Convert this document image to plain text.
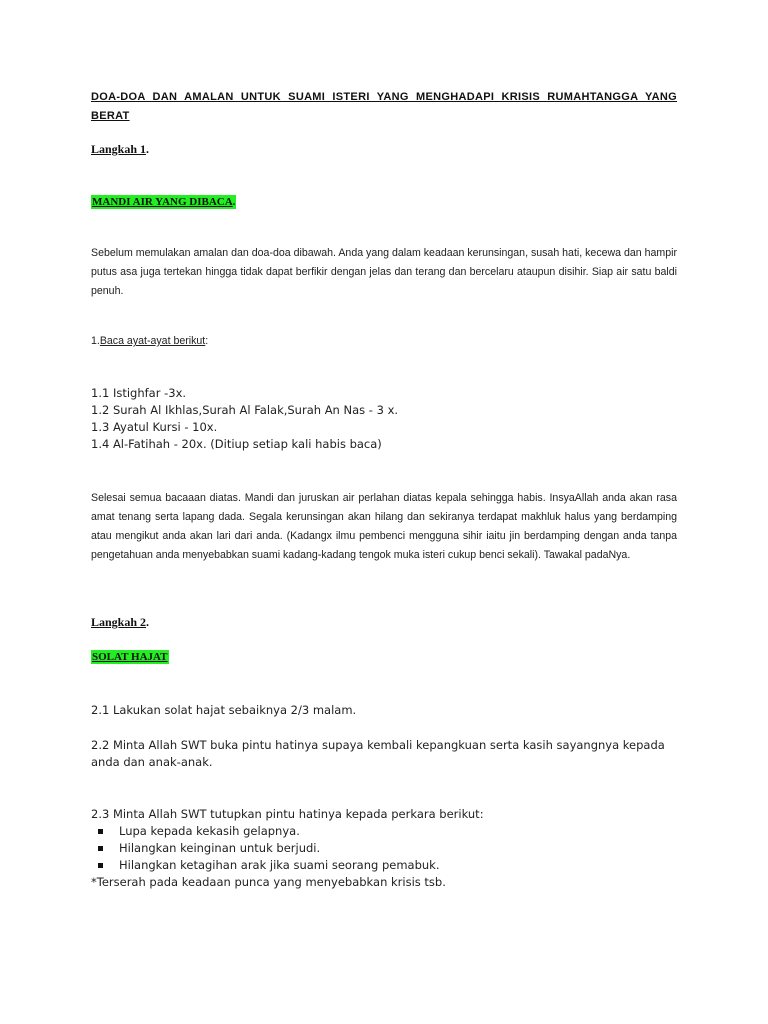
DOA-DOA DAN AMALAN UNTUK SUAMI ISTERI YANG MENGHADAPI KRISIS RUMAHTANGGA YANG BERAT
Langkah 1.
MANDI AIR YANG DIBACA.

Sebelum memulakan amalan dan doa-doa dibawah. Anda yang dalam keadaan kerunsingan, susah hati, kecewa dan hampir putus asa juga tertekan hingga tidak dapat berfikir dengan jelas dan terang dan bercelaru ataupun disihir. Siap air satu baldi penuh.

1.Baca ayat-ayat berikut:

1.1 Istighfar -3x.

1.2 Surah Al Ikhlas,Surah Al Falak,Surah An Nas - 3 x.

1.3 Ayatul Kursi - 10x.

1.4 Al-Fatihah - 20x. (Ditiup setiap kali habis baca)

Selesai semua bacaaan diatas. Mandi dan juruskan air perlahan diatas kepala sehingga habis. InsyaAllah anda akan rasa amat tenang serta lapang dada. Segala kerunsingan akan hilang dan sekiranya terdapat makhluk halus yang berdamping atau mengikut anda akan lari dari anda. (Kadangx ilmu pembenci mengguna sihir iaitu jin berdamping dengan anda tanpa pengetahuan anda menyebabkan suami kadang-kadang tengok muka isteri cukup benci sekali). Tawakal padaNya.

Langkah 2.
SOLAT HAJAT
2.1 Lakukan solat hajat sebaiknya 2/3 malam.
2.2 Minta Allah SWT buka pintu hatinya supaya kembali kepangkuan serta kasih sayangnya kepada anda dan anak-anak.

2.3 Minta Allah SWT tutupkan pintu hatinya kepada perkara berikut:

Lupa kepada kekasih gelapnya.
Hilangkan keinginan untuk berjudi.
Hilangkan ketagihan arak jika suami seorang pemabuk.

*Terserah pada keadaan punca yang menyebabkan krisis tsb.
